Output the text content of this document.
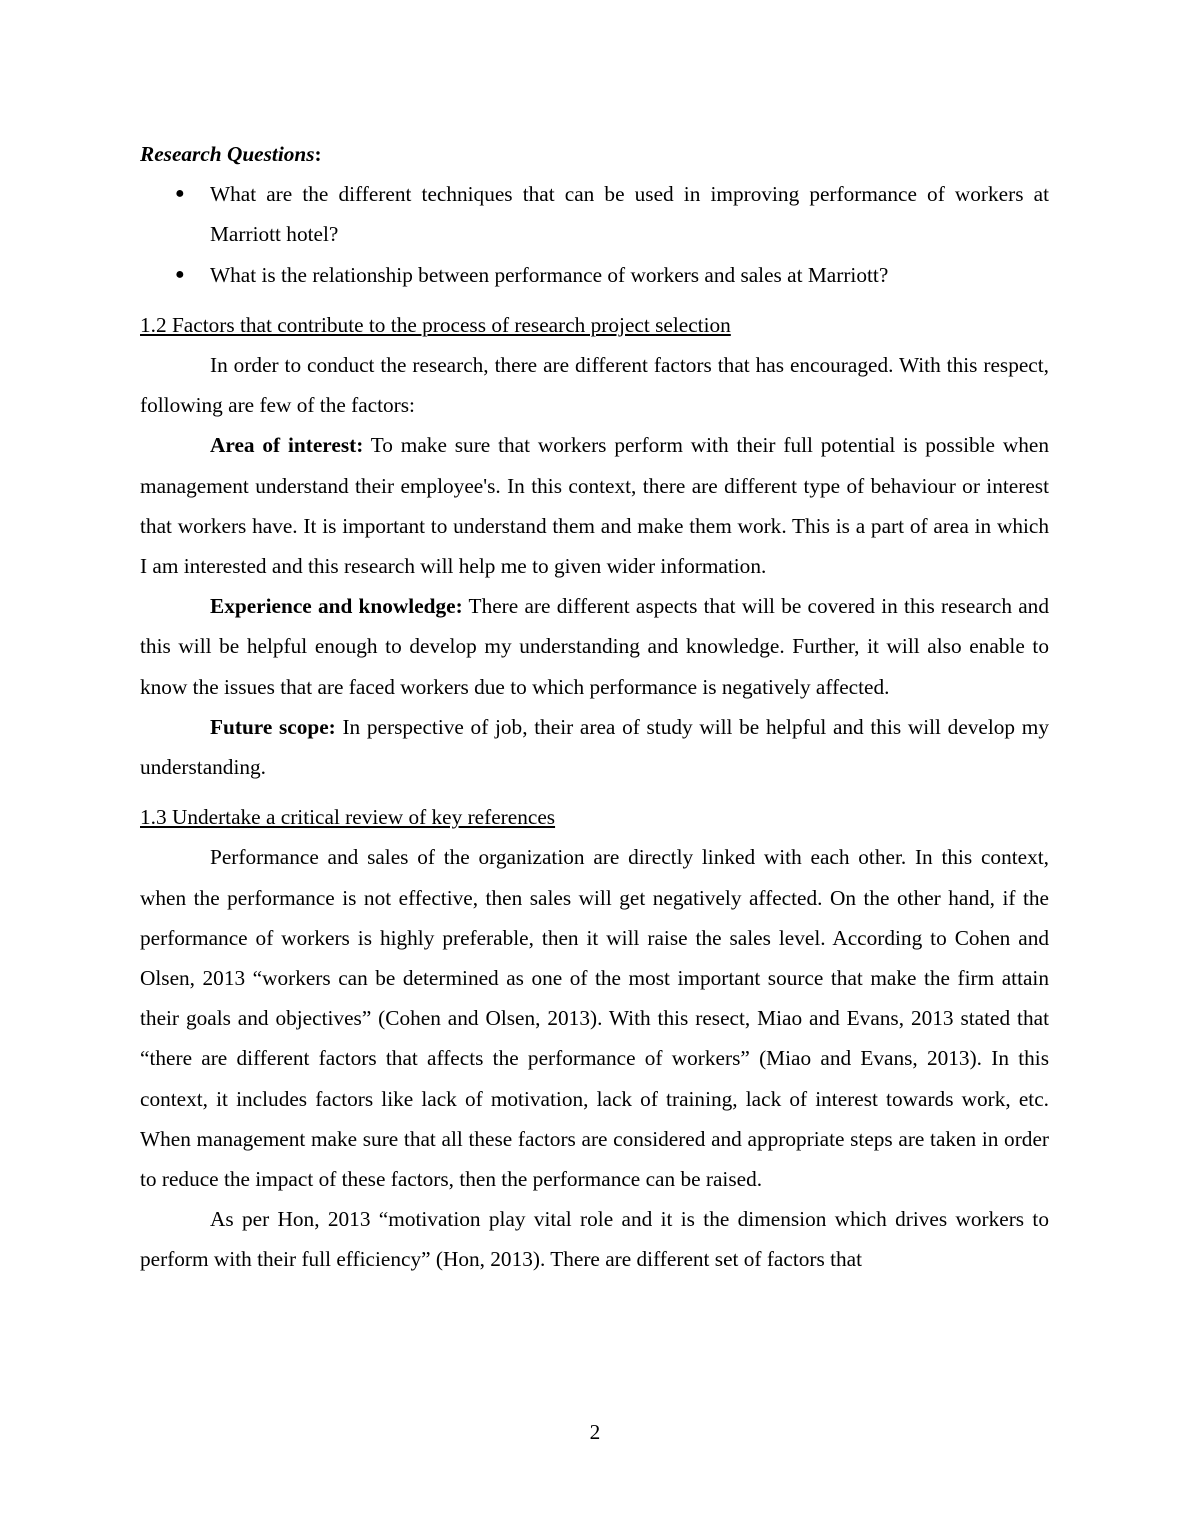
Research Questions:
● What are the different techniques that can be used in improving performance of workers at Marriott hotel?
● What is the relationship between performance of workers and sales at Marriott?
1.2 Factors that contribute to the process of research project selection

In order to conduct the research, there are different factors that has encouraged. With this respect, following are few of the factors:

Area of interest: To make sure that workers perform with their full potential is possible when management understand their employee's. In this context, there are different type of behaviour or interest that workers have. It is important to understand them and make them work. This is a part of area in which I am interested and this research will help me to given wider information.

Experience and knowledge: There are different aspects that will be covered in this research and this will be helpful enough to develop my understanding and knowledge. Further, it will also enable to know the issues that are faced workers due to which performance is negatively affected.

Future scope: In perspective of job, their area of study will be helpful and this will develop my understanding.

1.3 Undertake a critical review of key references

Performance and sales of the organization are directly linked with each other. In this context, when the performance is not effective, then sales will get negatively affected. On the other hand, if the performance of workers is highly preferable, then it will raise the sales level. According to Cohen and Olsen, 2013 “workers can be determined as one of the most important source that make the firm attain their goals and objectives” (Cohen and Olsen, 2013). With this resect, Miao and Evans, 2013 stated that “there are different factors that affects the performance of workers” (Miao and Evans, 2013). In this context, it includes factors like lack of motivation, lack of training, lack of interest towards work, etc. When management make sure that all these factors are considered and appropriate steps are taken in order to reduce the impact of these factors, then the performance can be raised.

As per Hon, 2013 “motivation play vital role and it is the dimension which drives workers to perform with their full efficiency” (Hon, 2013). There are different set of factors that

2
